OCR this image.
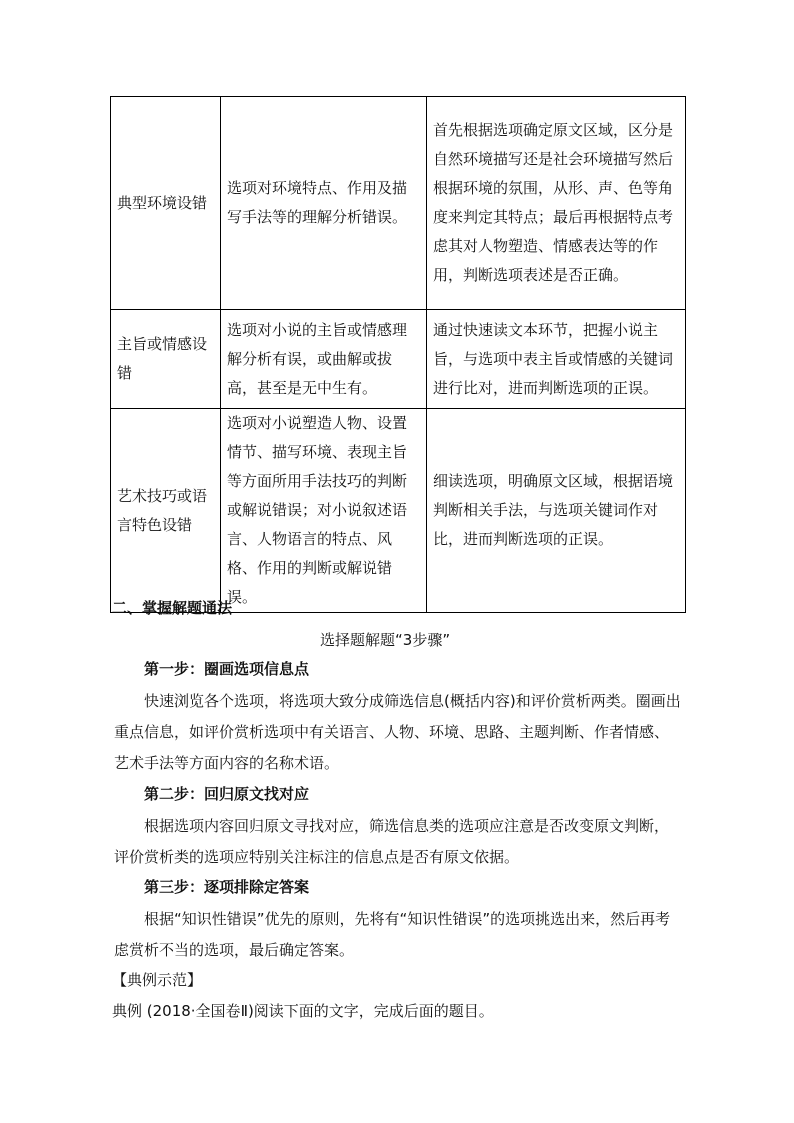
典型环境设错	选项对环境特点、作用及描写手法等的理解分析错误。	首先根据选项确定原文区域，区分是自然环境描写还是社会环境描写然后根据环境的氛围，从形、声、色等角度来判定其特点；最后再根据特点考虑其对人物塑造、情感表达等的作用，判断选项表述是否正确。
主旨或情感设错	选项对小说的主旨或情感理解分析有误，或曲解或拔高，甚至是无中生有。	通过快速读文本环节，把握小说主旨，与选项中表主旨或情感的关键词进行比对，进而判断选项的正误。
艺术技巧或语言特色设错	选项对小说塑造人物、设置情节、描写环境、表现主旨等方面所用手法技巧的判断或解说错误；对小说叙述语言、人物语言的特点、风格、作用的判断或解说错误。	细读选项，明确原文区域，根据语境判断相关手法，与选项关键词作对比，进而判断选项的正误。
二、掌握解题通法
选择题解题“3步骤”
第一步：圈画选项信息点
快速浏览各个选项，将选项大致分成筛选信息(概括内容)和评价赏析两类。圈画出重点信息，如评价赏析选项中有关语言、人物、环境、思路、主题判断、作者情感、艺术手法等方面内容的名称术语。
第二步：回归原文找对应
根据选项内容回归原文寻找对应，筛选信息类的选项应注意是否改变原文判断，评价赏析类的选项应特别关注标注的信息点是否有原文依据。
第三步：逐项排除定答案
根据“知识性错误”优先的原则，先将有“知识性错误”的选项挑选出来，然后再考虑赏析不当的选项，最后确定答案。
【典例示范】
典例 (2018·全国卷Ⅱ)阅读下面的文字，完成后面的题目。
